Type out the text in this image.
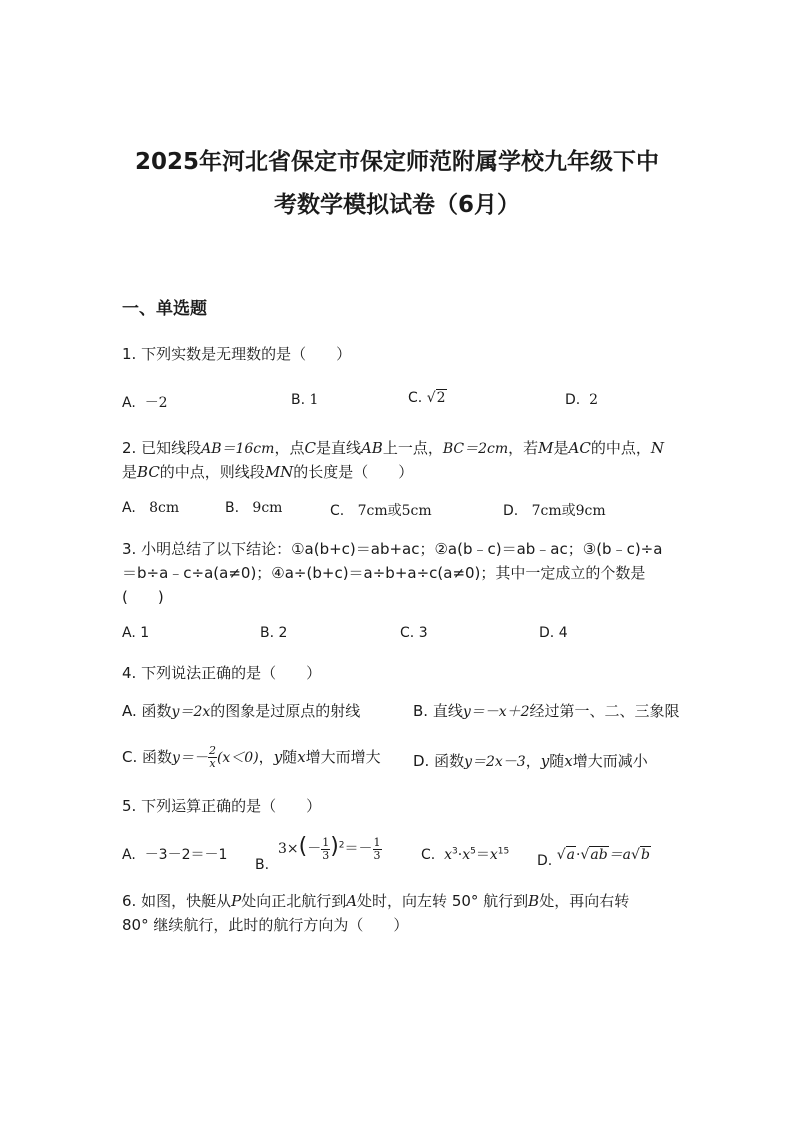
2025年河北省保定市保定师范附属学校九年级下中
考数学模拟试卷（6月）
一、单选题
1. 下列实数是无理数的是（　　）
A. －2	B. 1	C. √2	D. 2
2. 已知线段AB＝16cm，点C是直线AB上一点，BC＝2cm，若M是AC的中点，N
是BC的中点，则线段MN的长度是（　　）
A. 8cm	B. 9cm	C. 7cm或5cm	D. 7cm或9cm
3. 小明总结了以下结论：①a(b+c)＝ab+ac；②a(b﹣c)＝ab﹣ac；③(b﹣c)÷a
＝b÷a﹣c÷a(a≠0)；④a÷(b+c)＝a÷b+a÷c(a≠0)；其中一定成立的个数是
(　　)
A. 1	B. 2	C. 3	D. 4
4. 下列说法正确的是（　　）
A. 函数y＝2x的图象是过原点的射线	B. 直线y＝－x＋2经过第一、二、三象限
C. 函数$y=- \frac{2}{x} (x<0)$，y随x增大而增大 D. 函数y＝2x－3，y随x增大而减小
5. 下列运算正确的是（　　）
A. －3－2＝－1
B.  $3\times(- \frac{1}{3} )^2=- \frac{1}{3}$	C. $x^3\cdot x^5=x^{15}$
D. √a·√ab＝a√b
6. 如图，快艇从P处向正北航行到A处时，向左转 50° 航行到B处，再向右转
80° 继续航行，此时的航行方向为（　　）
